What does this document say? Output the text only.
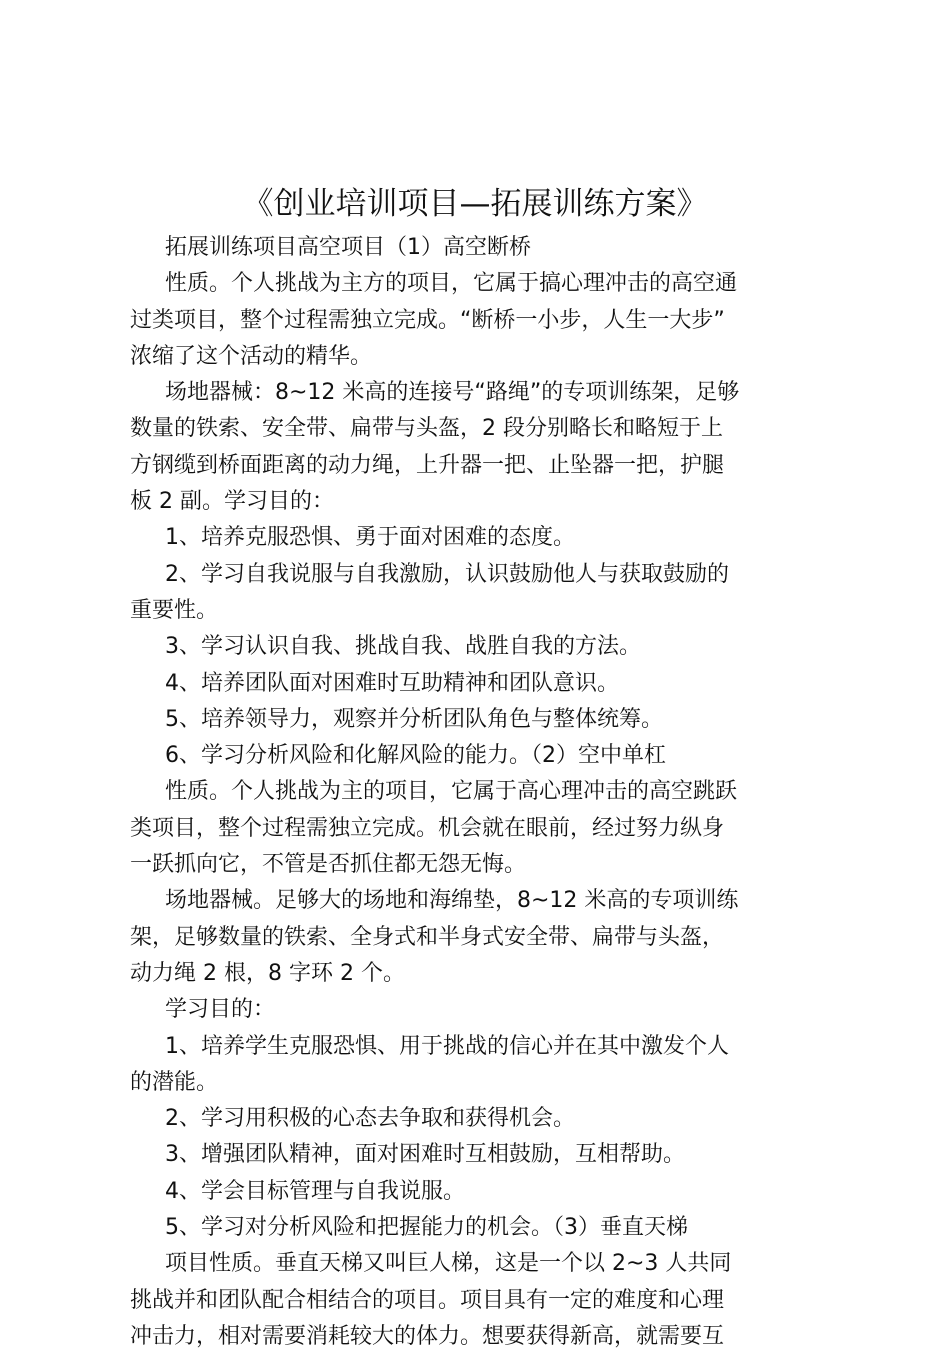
《创业培训项目—拓展训练方案》

拓展训练项目高空项目（1）高空断桥

性质。个人挑战为主方的项目，它属于搞心理冲击的高空通

过类项目，整个过程需独立完成。“断桥一小步，人生一大步”

浓缩了这个活动的精华。

场地器械：8~12 米高的连接号“路绳”的专项训练架，足够

数量的铁索、安全带、扁带与头盔，2 段分别略长和略短于上

方钢缆到桥面距离的动力绳，上升器一把、止坠器一把，护腿

板 2 副。学习目的：

1、培养克服恐惧、勇于面对困难的态度。

2、学习自我说服与自我激励，认识鼓励他人与获取鼓励的

重要性。

3、学习认识自我、挑战自我、战胜自我的方法。

4、培养团队面对困难时互助精神和团队意识。

5、培养领导力，观察并分析团队角色与整体统筹。

6、学习分析风险和化解风险的能力。（2）空中单杠

性质。个人挑战为主的项目，它属于高心理冲击的高空跳跃

类项目，整个过程需独立完成。机会就在眼前，经过努力纵身

一跃抓向它，不管是否抓住都无怨无悔。

场地器械。足够大的场地和海绵垫，8~12 米高的专项训练

架，足够数量的铁索、全身式和半身式安全带、扁带与头盔，

动力绳 2 根，8 字环 2 个。

学习目的：

1、培养学生克服恐惧、用于挑战的信心并在其中激发个人

的潜能。

2、学习用积极的心态去争取和获得机会。

3、增强团队精神，面对困难时互相鼓励，互相帮助。

4、学会目标管理与自我说服。

5、学习对分析风险和把握能力的机会。（3）垂直天梯

项目性质。垂直天梯又叫巨人梯，这是一个以 2~3 人共同

挑战并和团队配合相结合的项目。项目具有一定的难度和心理

冲击力，相对需要消耗较大的体力。想要获得新高，就需要互
